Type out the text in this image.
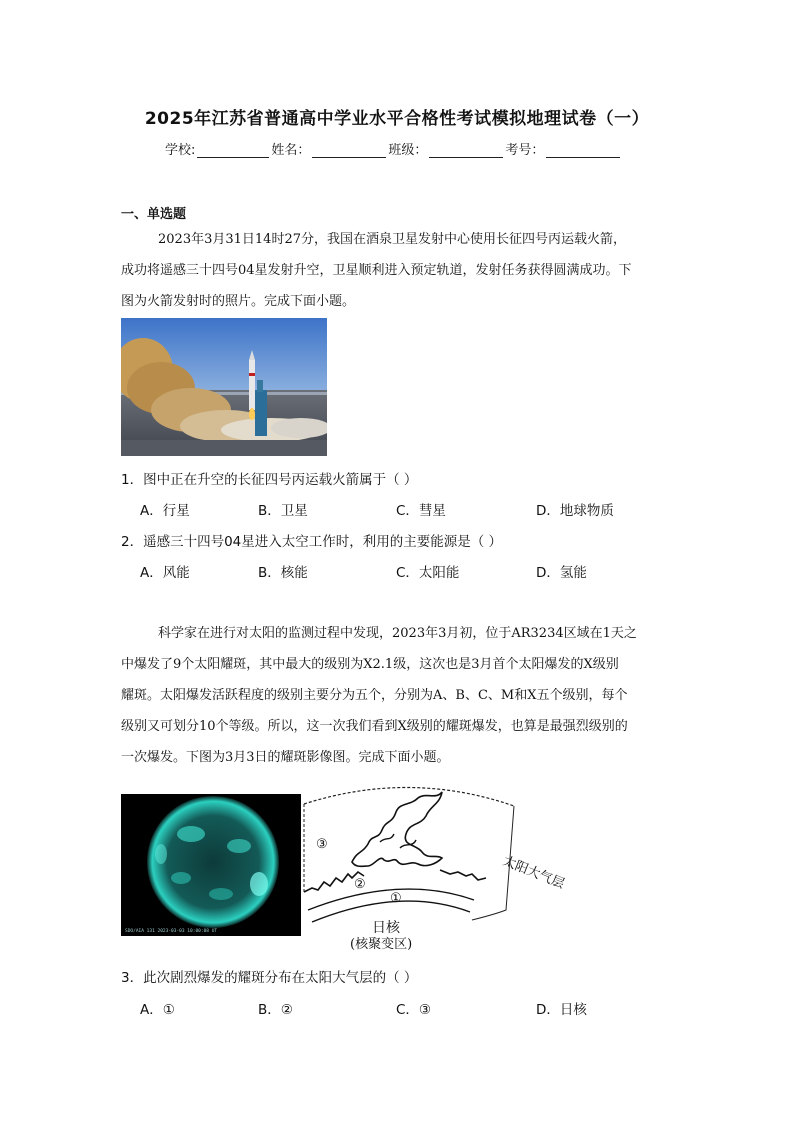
2025年江苏省普通高中学业水平合格性考试模拟地理试卷（一）
学校:	姓名：	班级：	考号：
一、单选题
2023年3月31日14时27分，我国在酒泉卫星发射中心使用长征四号丙运载火箭，
成功将遥感三十四号04星发射升空，卫星顺利进入预定轨道，发射任务获得圆满成功。下
图为火箭发射时的照片。完成下面小题。
1．图中正在升空的长征四号丙运载火箭属于（ ）
A．行星	B．卫星	C．彗星	D．地球物质
2．遥感三十四号04星进入太空工作时，利用的主要能源是（ ）
A．风能	B．核能	C．太阳能	D．氢能
科学家在进行对太阳的监测过程中发现，2023年3月初，位于AR3234区域在1天之
中爆发了9个太阳耀斑，其中最大的级别为X2.1级，这次也是3月首个太阳爆发的X级别
耀斑。太阳爆发活跃程度的级别主要分为五个，分别为A、B、C、M和X五个级别，每个
级别又可划分10个等级。所以，这一次我们看到X级别的耀斑爆发，也算是最强烈级别的
一次爆发。下图为3月3日的耀斑影像图。完成下面小题。
SDO/AIA 131 2023-03-03 10:00:08 UT
③
②
①
日核
(核聚变区)
太阳大气层
3．此次剧烈爆发的耀斑分布在太阳大气层的（ ）
A．①	B．②	C．③	D．日核
